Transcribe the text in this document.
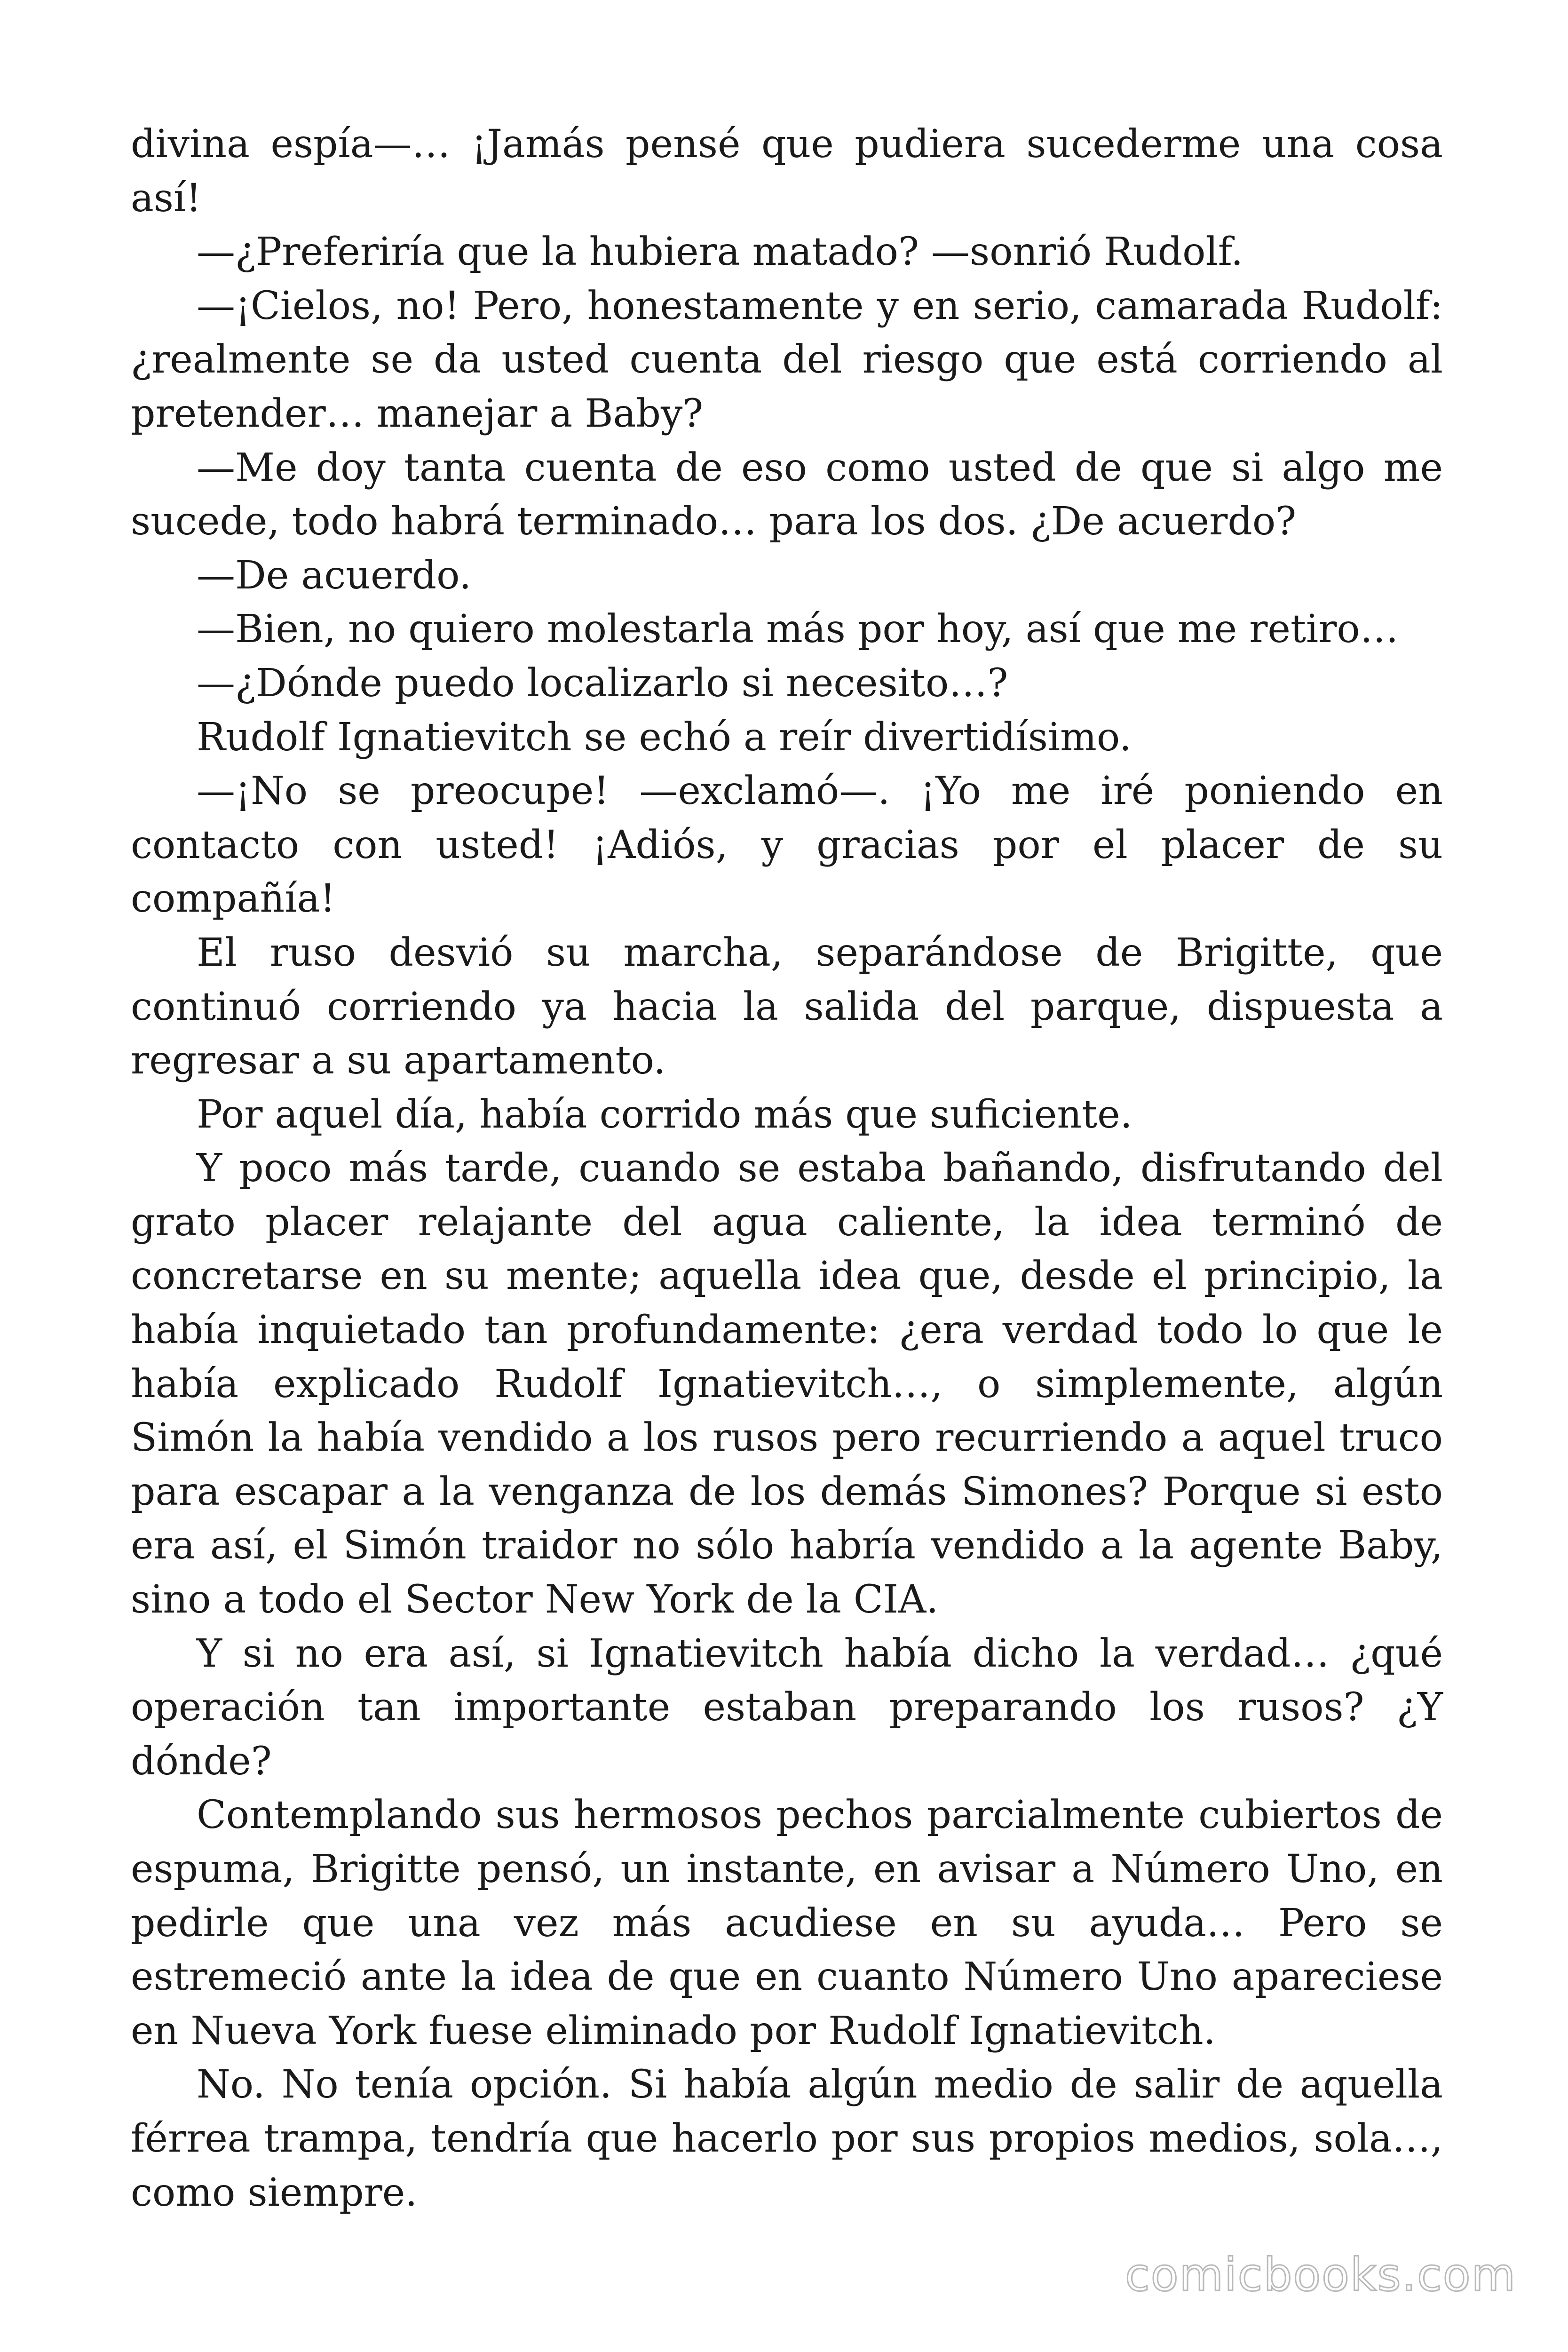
divina espía—… ¡Jamás pensé que pudiera sucederme una cosa así!

—¿Preferiría que la hubiera matado? —sonrió Rudolf.

—¡Cielos, no! Pero, honestamente y en serio, camarada Rudolf: ¿realmente se da usted cuenta del riesgo que está corriendo al pretender… manejar a Baby?

—Me doy tanta cuenta de eso como usted de que si algo me sucede, todo habrá terminado… para los dos. ¿De acuerdo?

—De acuerdo.

—Bien, no quiero molestarla más por hoy, así que me retiro…

—¿Dónde puedo localizarlo si necesito…?

Rudolf Ignatievitch se echó a reír divertidísimo.

—¡No se preocupe! —exclamó—. ¡Yo me iré poniendo en contacto con usted! ¡Adiós, y gracias por el placer de su compañía!

El ruso desvió su marcha, separándose de Brigitte, que continuó corriendo ya hacia la salida del parque, dispuesta a regresar a su apartamento.

Por aquel día, había corrido más que suficiente.

Y poco más tarde, cuando se estaba bañando, disfrutando del grato placer relajante del agua caliente, la idea terminó de concretarse en su mente; aquella idea que, desde el principio, la había inquietado tan profundamente: ¿era verdad todo lo que le había explicado Rudolf Ignatievitch…, o simplemente, algún Simón la había vendido a los rusos pero recurriendo a aquel truco para escapar a la venganza de los demás Simones? Porque si esto era así, el Simón traidor no sólo habría vendido a la agente Baby, sino a todo el Sector New York de la CIA.

Y si no era así, si Ignatievitch había dicho la verdad… ¿qué operación tan importante estaban preparando los rusos? ¿Y dónde?

Contemplando sus hermosos pechos parcialmente cubiertos de espuma, Brigitte pensó, un instante, en avisar a Número Uno, en pedirle que una vez más acudiese en su ayuda… Pero se estremeció ante la idea de que en cuanto Número Uno apareciese en Nueva York fuese eliminado por Rudolf Ignatievitch.

No. No tenía opción. Si había algún medio de salir de aquella férrea trampa, tendría que hacerlo por sus propios medios, sola…, como siempre.

comicbooks.com
